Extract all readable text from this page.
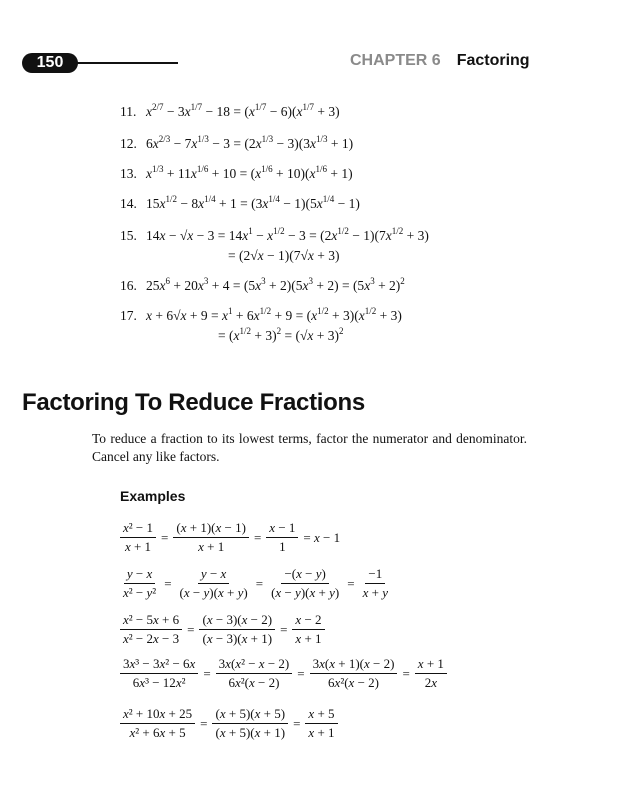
150	CHAPTER 6 Factoring
11. $x^{2/7} - 3x^{1/7} - 18 = (x^{1/7} - 6)(x^{1/7} + 3)$
12. $6x^{2/3} - 7x^{1/3} - 3 = (2x^{1/3} - 3)(3x^{1/3} + 1)$
13. $x^{1/3} + 11x^{1/6} + 10 = (x^{1/6} + 10)(x^{1/6} + 1)$
14. $15x^{1/2} - 8x^{1/4} + 1 = (3x^{1/4} - 1)(5x^{1/4} - 1)$
15. $14x - √x - 3 = 14x^1 - x^{1/2} - 3 = (2x^{1/2} - 1)(7x^{1/2} + 3)$
= (2√x − 1)(7√x + 3)
16. $25x^6 + 20x^3 + 4 = (5x^3 + 2)(5x^3 + 2) = (5x^3 + 2)^2$
17. $x + 6√x + 9 = x^1 + 6x^{1/2} + 9 = (x^{1/2} + 3)(x^{1/2} + 3)$
= $(x^{1/2} + 3)^2 = (√x + 3)^2$
Factoring To Reduce Fractions
To reduce a fraction to its lowest terms, factor the numerator and denominator. Cancel any like factors.
Examples
$\frac{\text{x² − 1}}{x + 1} = \frac{(x + 1)(x - 1)}{x + 1} = \frac{x - 1}{1} = x - 1$
$\frac{y - x}{\text{x² − y²}} = \frac{y - x}{(x - y)(x + y)} = \frac{-(x - y)}{(x - y)(x + y)} = \frac{-1}{x + y}$
$\frac{\text{x² − 5x + 6}}{\text{x² − 2x − 3}} = \frac{(x - 3)(x - 2)}{(x - 3)(x + 1)} = \frac{x - 2}{x + 1}$
$\frac{\text{3x³ − 3x² − 6x}}{\text{6x³ − 12x²}} = \frac{\text{3x(x² − x − 2)}}{\text{6x²(x − 2)}} = \frac{3x(x + 1)(x - 2)}{\text{6x²(x − 2)}} = \frac{x + 1}{2x}$
$\frac{\text{x² + 10x + 25}}{\text{x² + 6x + 5}} = \frac{(x + 5)(x + 5)}{(x + 5)(x + 1)} = \frac{x + 5}{x + 1}$
